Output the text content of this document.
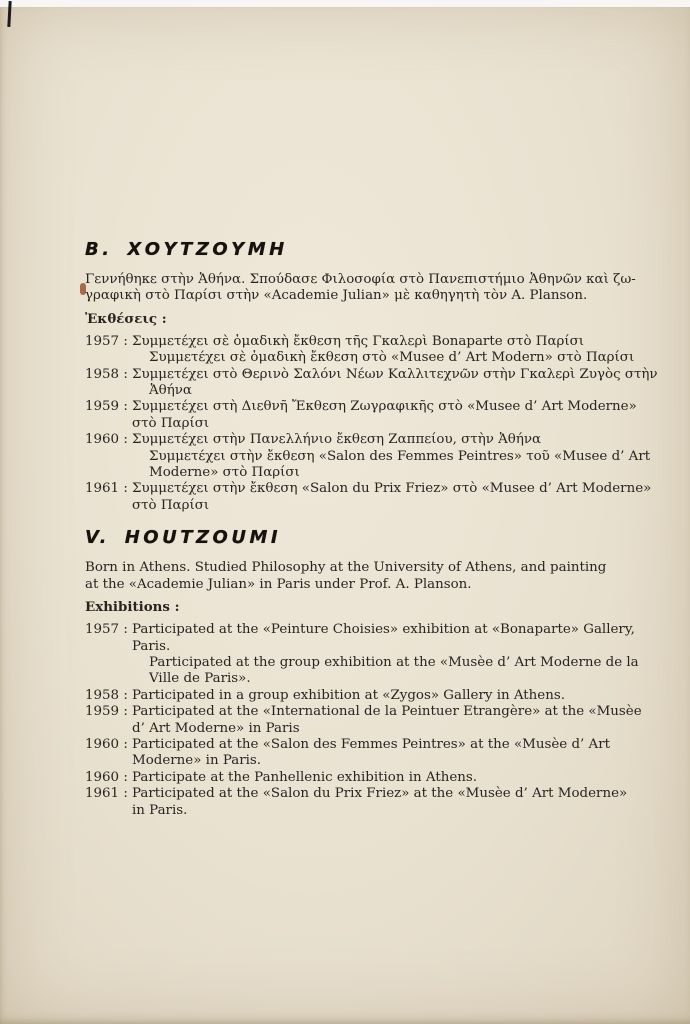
B. ΧΟΥΤΖΟΥΜΗ

Γεννήθηκε στὴν Ἀθήνα. Σπούδασε Φιλοσοφία στὸ Πανεπιστήμιο Ἀθηνῶν καὶ ζω-
γραφικὴ στὸ Παρίσι στὴν «Academie Julian» μὲ καθηγητὴ τὸν A. Planson.

Ἐκθέσεις :
1957 : Συμμετέχει σὲ ὁμαδικὴ ἔκθεση τῆς Γκαλερὶ Bonaparte στὸ Παρίσι
Συμμετέχει σὲ ὁμαδικὴ ἔκθεση στὸ «Musee d’ Art Modern» στὸ Παρίσι
1958 : Συμμετέχει στὸ Θερινὸ Σαλόνι Νέων Καλλιτεχνῶν στὴν Γκαλερὶ Ζυγὸς στὴν
Ἀθήνα
1959 : Συμμετέχει στὴ Διεθνῆ Ἔκθεση Ζωγραφικῆς στὸ «Musee d’ Art Moderne»
στὸ Παρίσι
1960 : Συμμετέχει στὴν Πανελλήνιο ἔκθεση Ζαππείου, στὴν Ἀθήνα
Συμμετέχει στὴν ἔκθεση «Salon des Femmes Peintres» τοῦ «Musee d’ Art
Moderne» στὸ Παρίσι
1961 : Συμμετέχει στὴν ἔκθεση «Salon du Prix Friez» στὸ «Musee d’ Art Moderne»
στὸ Παρίσι
V. HOUTZOUMI

Born in Athens. Studied Philosophy at the University of Athens, and painting
at the «Academie Julian» in Paris under Prof. A. Planson.

Exhibitions :
1957 : Participated at the «Peinture Choisies» exhibition at «Bonaparte» Gallery,
Paris.
Participated at the group exhibition at the «Musèe d’ Art Moderne de la
Ville de Paris».
1958 : Participated in a group exhibition at «Zygos» Gallery in Athens.
1959 : Participated at the «International de la Peintuer Etrangère» at the «Musèe
d’ Art Moderne» in Paris
1960 : Participated at the «Salon des Femmes Peintres» at the «Musèe d’ Art
Moderne» in Paris.
1960 : Participate at the Panhellenic exhibition in Athens.
1961 : Participated at the «Salon du Prix Friez» at the «Musèe d’ Art Moderne»
in Paris.
